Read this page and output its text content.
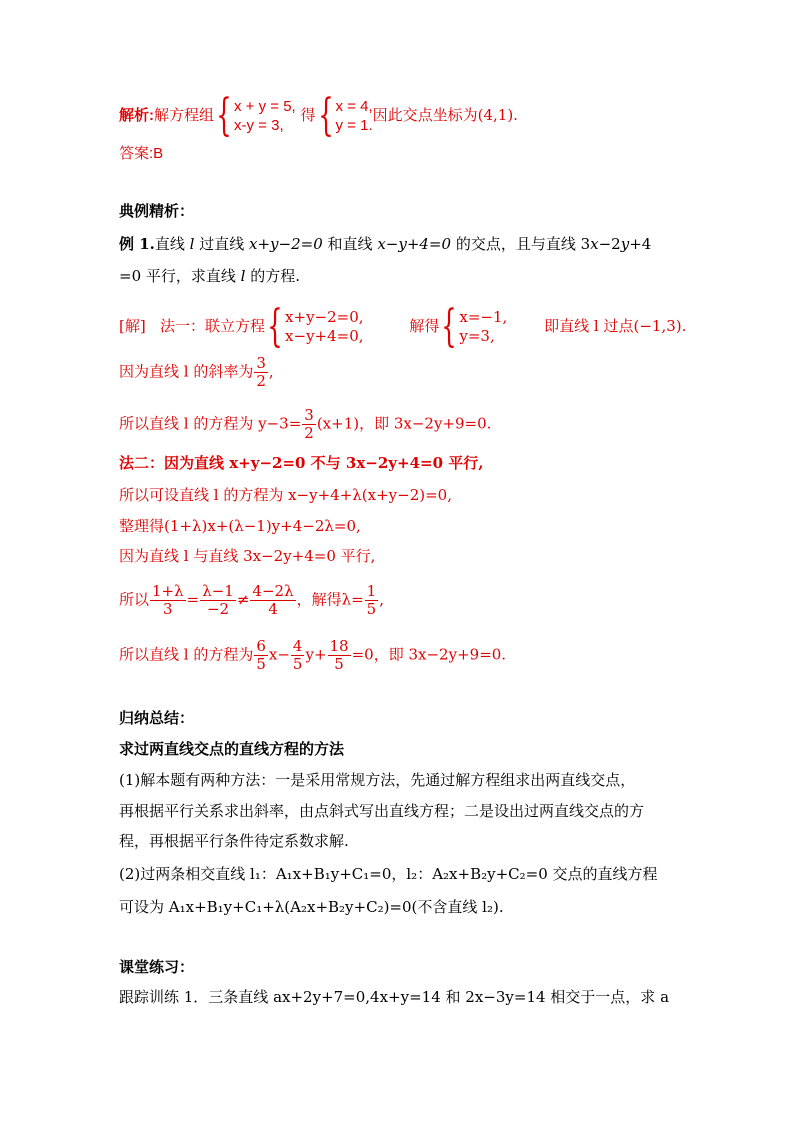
解析:解方程组{ x + y = 5,
x-y = 3,
得{ x = 4,
y = 1.
因此交点坐标为(4,1).
答案:B
典例精析：
例 1.直线 l 过直线 x+y−2=0 和直线 x−y+4=0 的交点，且与直线 3x−2y+4
=0 平行，求直线 l 的方程.
[解] 法一：联立方程{ x+y−2=0,
x−y+4=0,
解得{ x=−1,
y=3,
即直线 l 过点(−1,3).
因为直线 l 的斜率为 $\frac{3}{2}$ ,
所以直线 l 的方程为 $y-3= \frac{3}{2} (x+1)$，即 3x−2y+9=0.
法二：因为直线 x+y−2=0 不与 3x−2y+4=0 平行,
所以可设直线 l 的方程为 x−y+4+λ(x+y−2)=0,
整理得(1+λ)x+(λ−1)y+4−2λ=0,
因为直线 l 与直线 3x−2y+4=0 平行,
所以 $\frac{1+\lambda}{3} = \frac{\lambda-1}{-2} \ne \frac{4-2\lambda}{4}$ ，解得$\lambda= \frac{1}{5}$ ,
所以直线 l 的方程为 $\frac{6}{5} x- \frac{4}{5} y+ \frac{18}{5} =0$，即 3x−2y+9=0.
归纳总结：
求过两直线交点的直线方程的方法
(1)解本题有两种方法：一是采用常规方法，先通过解方程组求出两直线交点，
再根据平行关系求出斜率，由点斜式写出直线方程；二是设出过两直线交点的方
程，再根据平行条件待定系数求解.
(2)过两条相交直线 l₁：A₁x+B₁y+C₁=0，l₂：A₂x+B₂y+C₂=0 交点的直线方程
可设为 A₁x+B₁y+C₁+λ(A₂x+B₂y+C₂)=0(不含直线 l₂).
课堂练习：
跟踪训练 1．三条直线 ax+2y+7=0,4x+y=14 和 2x−3y=14 相交于一点，求 a
